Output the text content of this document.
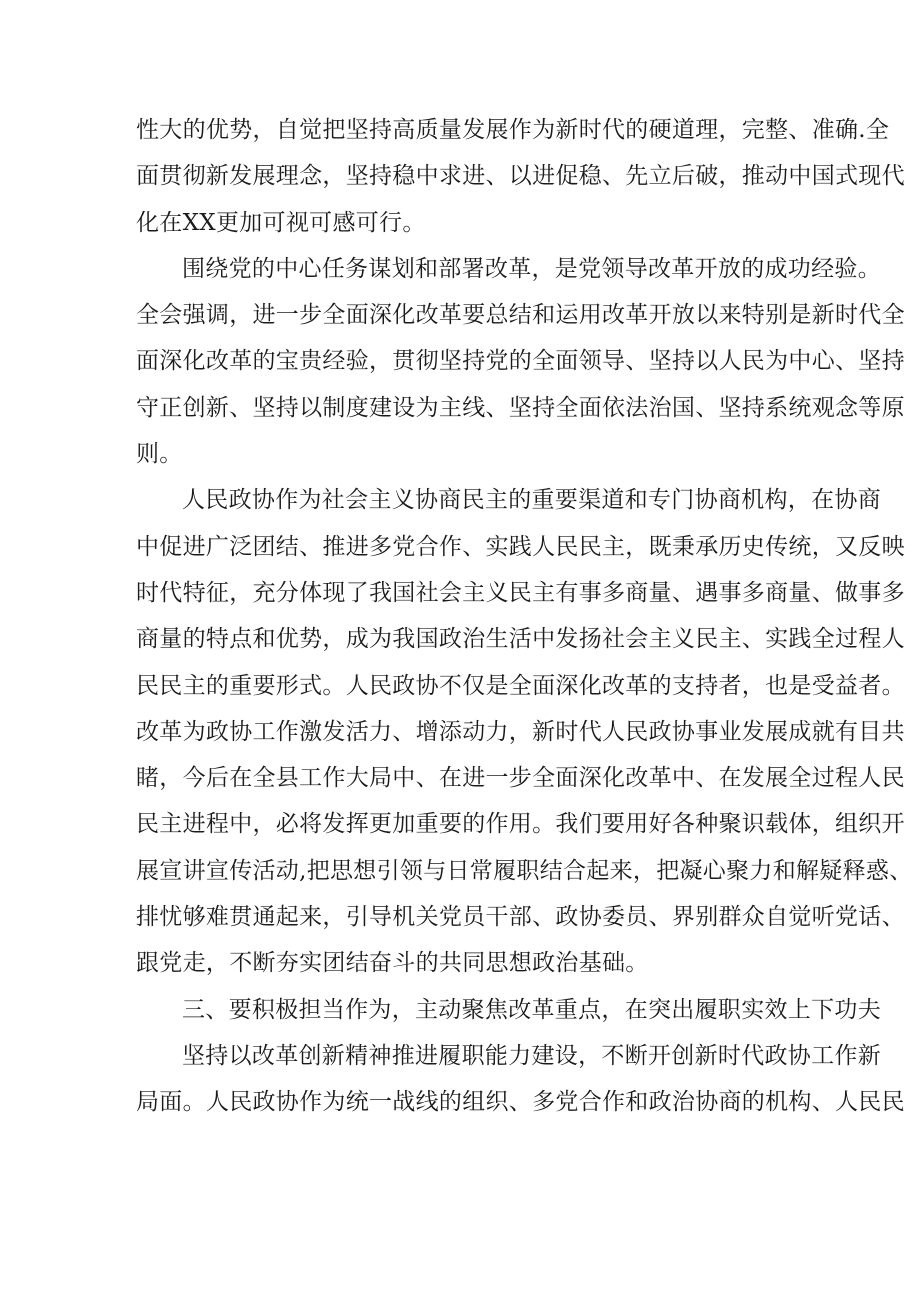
性大的优势，自觉把坚持高质量发展作为新时代的硬道理，完整、准确.全
面贯彻新发展理念，坚持稳中求进、以进促稳、先立后破，推动中国式现代
化在XX更加可视可感可行。
围绕党的中心任务谋划和部署改革，是党领导改革开放的成功经验。
全会强调，进一步全面深化改革要总结和运用改革开放以来特别是新时代全
面深化改革的宝贵经验，贯彻坚持党的全面领导、坚持以人民为中心、坚持
守正创新、坚持以制度建设为主线、坚持全面依法治国、坚持系统观念等原
则。
人民政协作为社会主义协商民主的重要渠道和专门协商机构，在协商
中促进广泛团结、推进多党合作、实践人民民主，既秉承历史传统，又反映
时代特征，充分体现了我国社会主义民主有事多商量、遇事多商量、做事多
商量的特点和优势，成为我国政治生活中发扬社会主义民主、实践全过程人
民民主的重要形式。人民政协不仅是全面深化改革的支持者，也是受益者。
改革为政协工作激发活力、增添动力，新时代人民政协事业发展成就有目共
睹，今后在全县工作大局中、在进一步全面深化改革中、在发展全过程人民
民主进程中，必将发挥更加重要的作用。我们要用好各种聚识载体，组织开
展宣讲宣传活动,把思想引领与日常履职结合起来，把凝心聚力和解疑释惑、
排忧够难贯通起来，引导机关党员干部、政协委员、界别群众自觉听党话、
跟党走，不断夯实团结奋斗的共同思想政治基础。
三、要积极担当作为，主动聚焦改革重点，在突出履职实效上下功夫
坚持以改革创新精神推进履职能力建设，不断开创新时代政协工作新
局面。人民政协作为统一战线的组织、多党合作和政治协商的机构、人民民
